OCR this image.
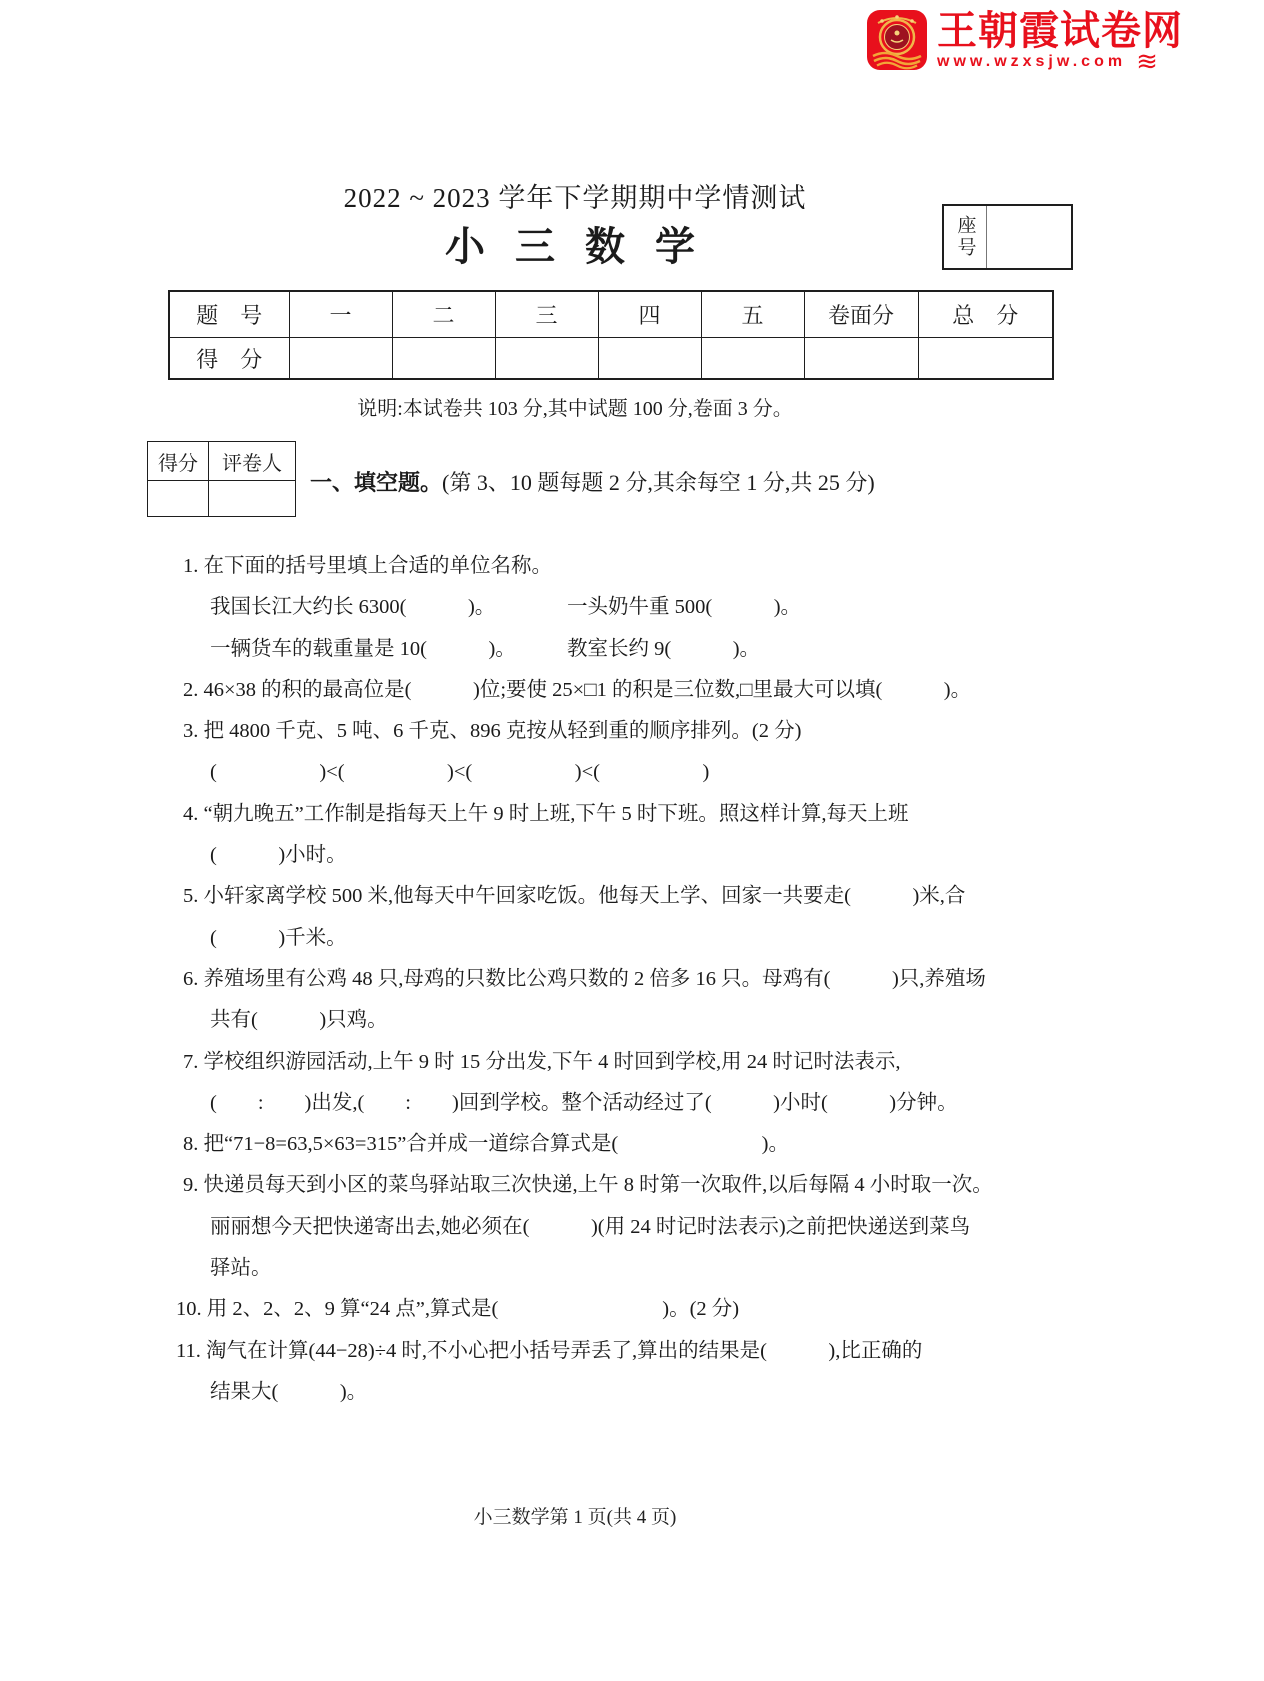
王朝霞试卷网
www.wzxsjw.com ≋
2022 ~ 2023 学年下学期期中学情测试
小 三 数 学	座号
题　号	一	二	三	四	五	卷面分	总　分
得　分							
说明:本试卷共 103 分,其中试题 100 分,卷面 3 分。
得分	评卷人

一、填空题。(第 3、10 题每题 2 分,其余每空 1 分,共 25 分)
1. 在下面的括号里填上合适的单位名称。
我国长江大约长 6300(　　　)。　　　　一头奶牛重 500(　　　)。
一辆货车的载重量是 10(　　　)。　　　教室长约 9(　　　)。
2. 46×38 的积的最高位是(　　　)位;要使 25×□1 的积是三位数,□里最大可以填(　　　)。
3. 把 4800 千克、5 吨、6 千克、896 克按从轻到重的顺序排列。(2 分)
(　　　　　)<(　　　　　)<(　　　　　)<(　　　　　)
4. “朝九晚五”工作制是指每天上午 9 时上班,下午 5 时下班。照这样计算,每天上班
(　　　)小时。
5. 小轩家离学校 500 米,他每天中午回家吃饭。他每天上学、回家一共要走(　　　)米,合
(　　　)千米。
6. 养殖场里有公鸡 48 只,母鸡的只数比公鸡只数的 2 倍多 16 只。母鸡有(　　　)只,养殖场
共有(　　　)只鸡。
7. 学校组织游园活动,上午 9 时 15 分出发,下午 4 时回到学校,用 24 时记时法表示,
(　　:　　)出发,(　　:　　)回到学校。整个活动经过了(　　　)小时(　　　)分钟。
8. 把“71−8=63,5×63=315”合并成一道综合算式是(　　　　　　　)。
9. 快递员每天到小区的菜鸟驿站取三次快递,上午 8 时第一次取件,以后每隔 4 小时取一次。
丽丽想今天把快递寄出去,她必须在(　　　)(用 24 时记时法表示)之前把快递送到菜鸟
驿站。
10. 用 2、2、2、9 算“24 点”,算式是(　　　　　　　　)。(2 分)
11. 淘气在计算(44−28)÷4 时,不小心把小括号弄丢了,算出的结果是(　　　),比正确的
结果大(　　　)。
小三数学第 1 页(共 4 页)
